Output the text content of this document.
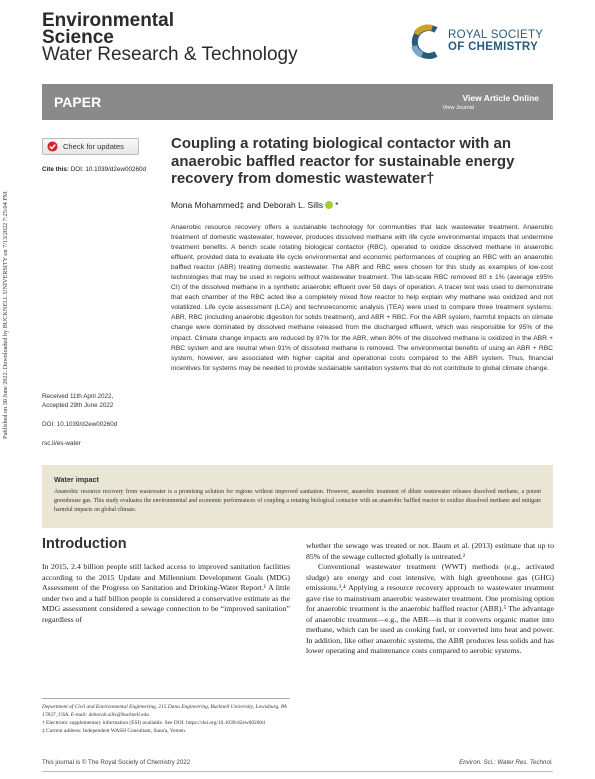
Published on 30 June 2022. Downloaded by BUCKNELL UNIVERSITY on 7/13/2022 7:25:04 PM.
Environmental
Science
Water Research & Technology
ROYAL SOCIETY
OF CHEMISTRY
PAPER	View Article Online
View Journal
Check for updates
Cite this: DOI: 10.1039/d2ew00260d
Coupling a rotating biological contactor with an anaerobic baffled reactor for sustainable energy recovery from domestic wastewater†
Mona Mohammed‡ and Deborah L. Sills *

Anaerobic resource recovery offers a sustainable technology for communities that lack wastewater treatment. Anaerobic treatment of domestic wastewater, however, produces dissolved methane with life cycle environmental impacts that undermine treatment benefits. A bench scale rotating biological contactor (RBC), operated to oxidize dissolved methane in anaerobic effluent, provided data to evaluate life cycle environmental and economic performances of coupling an RBC with an anaerobic baffled reactor (ABR) treating domestic wastewater. The ABR and RBC were chosen for this study as examples of low-cost technologies that may be used in regions without wastewater treatment. The lab-scale RBC removed 80 ± 1% (average ±95% CI) of the dissolved methane in a synthetic anaerobic effluent over 58 days of operation. A tracer test was used to demonstrate that each chamber of the RBC acted like a completely mixed flow reactor to help explain why methane was oxidized and not volatilized. Life cycle assessment (LCA) and technoeconomic analysis (TEA) were used to compare three treatment systems: ABR, RBC (including anaerobic digestion for solids treatment), and ABR + RBC. For the ABR system, harmful impacts on climate change were dominated by dissolved methane released from the discharged effluent, which was responsible for 95% of the impact. Climate change impacts are reduced by 87% for the ABR, when 80% of the dissolved methane is oxidized in the ABR + RBC system and are neutral when 91% of dissolved methane is removed. The environmental benefits of using an ABR + RBC system, however, are associated with higher capital and operational costs compared to the ABR system. Thus, financial incentives for systems may be needed to provide sustainable sanitation systems that do not contribute to global climate change.

Received 11th April 2022,
Accepted 29th June 2022
DOI: 10.1039/d2ew00260d
rsc.li/es-water
Water impact

Anaerobic resource recovery from wastewater is a promising solution for regions without improved sanitation. However, anaerobic treatment of dilute wastewater releases dissolved methane, a potent greenhouse gas. This study evaluates the environmental and economic performances of coupling a rotating biological contactor with an anaerobic baffled reactor to oxidize dissolved methane and mitigate harmful impacts on global climate.

Introduction

In 2015, 2.4 billion people still lacked access to improved sanitation facilities according to the 2015 Update and Millennium Development Goals (MDG) Assessment of the Progress on Sanitation and Drinking-Water Report.¹ A little under two and a half billion people is considered a conservative estimate as the MDG assessment considered a sewage connection to be “improved sanitation” regardless of

whether the sewage was treated or not. Baum et al. (2013) estimate that up to 85% of the sewage collected globally is untreated.²

Conventional wastewater treatment (WWT) methods (e.g., activated sludge) are energy and cost intensive, with high greenhouse gas (GHG) emissions.³,⁴ Applying a resource recovery approach to wastewater treatment gave rise to mainstream anaerobic wastewater treatment. One promising option for anaerobic treatment is the anaerobic baffled reactor (ABR).⁵ The advantage of anaerobic treatment—e.g., the ABR—is that it converts organic matter into methane, which can be used as cooking fuel, or converted into heat and power. In addition, like other anaerobic systems, the ABR produces less solids and has lower operating and maintenance costs compared to aerobic systems.

Department of Civil and Environmental Engineering, 215 Dana Engineering, Bucknell University, Lewisburg, PA 17837, USA. E-mail: deborah.sills@bucknell.edu
† Electronic supplementary information (ESI) available. See DOI: https://doi.org/10.1039/d2ew00260d
‡ Current address: Independent WASH Consultant, Sana'a, Yemen.
This journal is © The Royal Society of Chemistry 2022	Environ. Sci.: Water Res. Technol.
